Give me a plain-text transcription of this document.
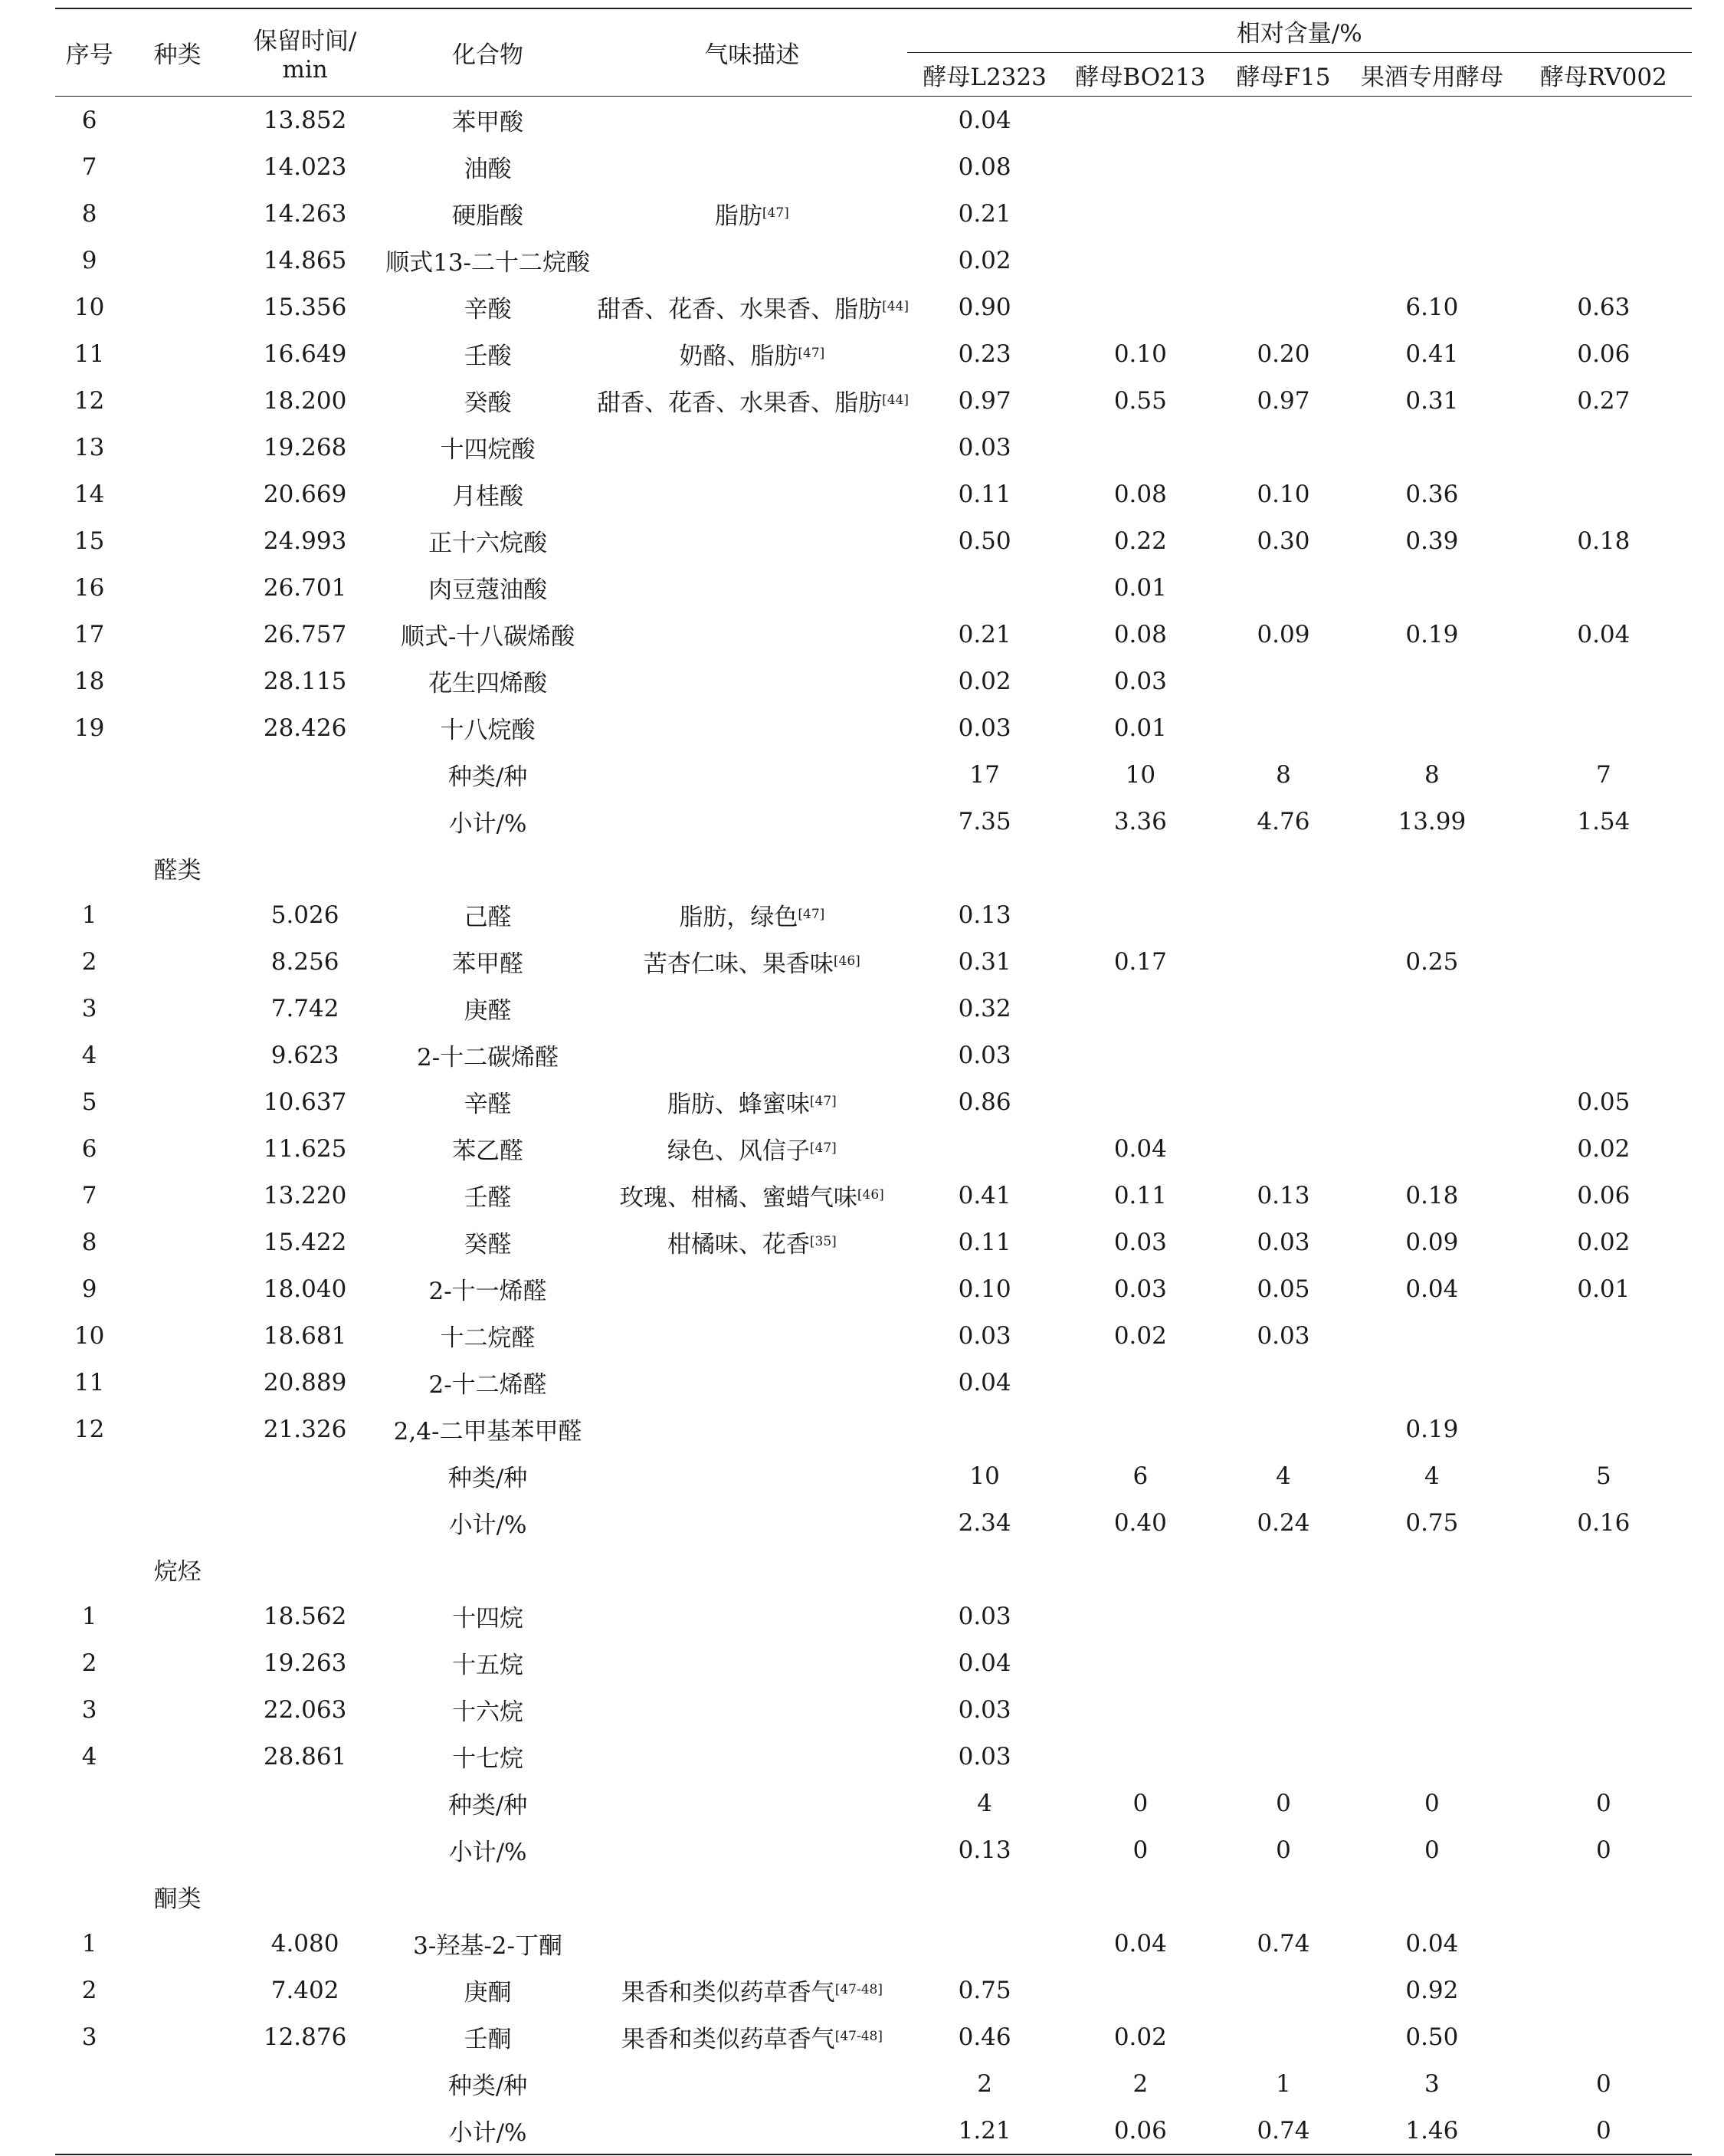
序号	种类	保留时间/
min	化合物	气味描述	相对含量/%				
					酵母L2323	酵母BO213	酵母F15	果酒专用酵母	酵母RV002
6		13.852	苯甲酸		0.04				
7		14.023	油酸		0.08				
8		14.263	硬脂酸	脂肪[47]	0.21				
9		14.865	顺式13-二十二烷酸		0.02				
10		15.356	辛酸	甜香、花香、水果香、脂肪[44]	0.90			6.10	0.63
11		16.649	壬酸	奶酪、脂肪[47]	0.23	0.10	0.20	0.41	0.06
12		18.200	癸酸	甜香、花香、水果香、脂肪[44]	0.97	0.55	0.97	0.31	0.27
13		19.268	十四烷酸		0.03				
14		20.669	月桂酸		0.11	0.08	0.10	0.36	
15		24.993	正十六烷酸		0.50	0.22	0.30	0.39	0.18
16		26.701	肉豆蔻油酸			0.01			
17		26.757	顺式-十八碳烯酸		0.21	0.08	0.09	0.19	0.04
18		28.115	花生四烯酸		0.02	0.03			
19		28.426	十八烷酸		0.03	0.01			
			种类/种		17	10	8	8	7
			小计/%		7.35	3.36	4.76	13.99	1.54
	醛类								
1		5.026	己醛	脂肪，绿色[47]	0.13				
2		8.256	苯甲醛	苦杏仁味、果香味[46]	0.31	0.17		0.25	
3		7.742	庚醛		0.32				
4		9.623	2-十二碳烯醛		0.03				
5		10.637	辛醛	脂肪、蜂蜜味[47]	0.86				0.05
6		11.625	苯乙醛	绿色、风信子[47]		0.04			0.02
7		13.220	壬醛	玫瑰、柑橘、蜜蜡气味[46]	0.41	0.11	0.13	0.18	0.06
8		15.422	癸醛	柑橘味、花香[35]	0.11	0.03	0.03	0.09	0.02
9		18.040	2-十一烯醛		0.10	0.03	0.05	0.04	0.01
10		18.681	十二烷醛		0.03	0.02	0.03		
11		20.889	2-十二烯醛		0.04				
12		21.326	2,4-二甲基苯甲醛					0.19	
			种类/种		10	6	4	4	5
			小计/%		2.34	0.40	0.24	0.75	0.16
	烷烃								
1		18.562	十四烷		0.03				
2		19.263	十五烷		0.04				
3		22.063	十六烷		0.03				
4		28.861	十七烷		0.03				
			种类/种		4	0	0	0	0
			小计/%		0.13	0	0	0	0
	酮类								
1		4.080	3-羟基-2-丁酮			0.04	0.74	0.04	
2		7.402	庚酮	果香和类似药草香气[47-48]	0.75			0.92	
3		12.876	壬酮	果香和类似药草香气[47-48]	0.46	0.02		0.50	
			种类/种		2	2	1	3	0
			小计/%		1.21	0.06	0.74	1.46	0
